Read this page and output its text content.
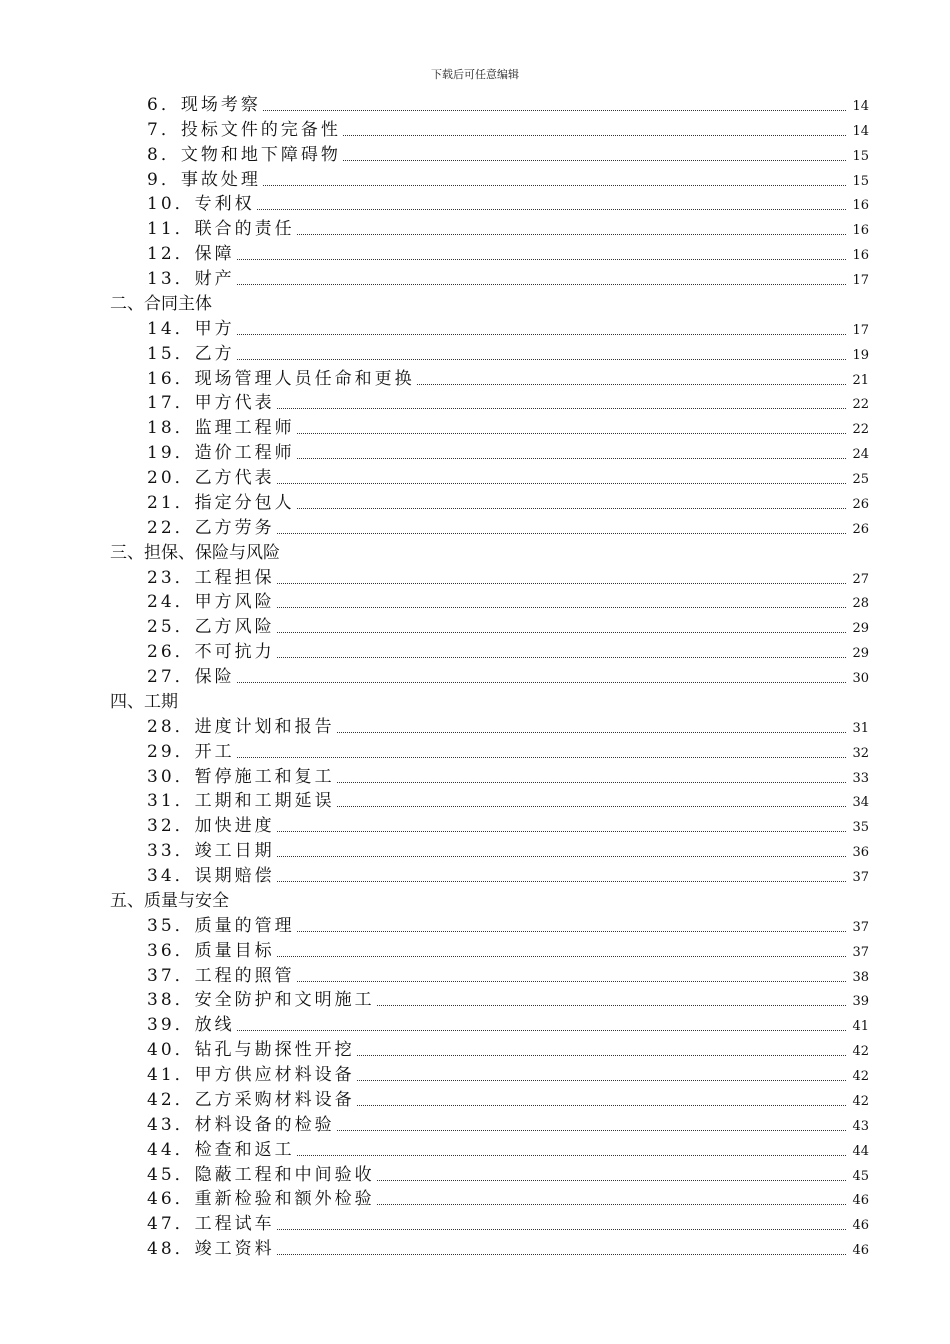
下载后可任意编辑
6．现场考察	14
7．投标文件的完备性	14
8．文物和地下障碍物	15
9．事故处理	15
10．专利权	16
11．联合的责任	16
12．保障	16
13．财产	17
二、合同主体
14．甲方	17
15．乙方	19
16．现场管理人员任命和更换	21
17．甲方代表	22
18．监理工程师	22
19．造价工程师	24
20．乙方代表	25
21．指定分包人	26
22．乙方劳务	26
三、担保、保险与风险
23．工程担保	27
24．甲方风险	28
25．乙方风险	29
26．不可抗力	29
27．保险	30
四、工期
28．进度计划和报告	31
29．开工	32
30．暂停施工和复工	33
31．工期和工期延误	34
32．加快进度	35
33．竣工日期	36
34．误期赔偿	37
五、质量与安全
35．质量的管理	37
36．质量目标	37
37．工程的照管	38
38．安全防护和文明施工	39
39．放线	41
40．钻孔与勘探性开挖	42
41．甲方供应材料设备	42
42．乙方采购材料设备	42
43．材料设备的检验	43
44．检查和返工	44
45．隐蔽工程和中间验收	45
46．重新检验和额外检验	46
47．工程试车	46
48．竣工资料	46
